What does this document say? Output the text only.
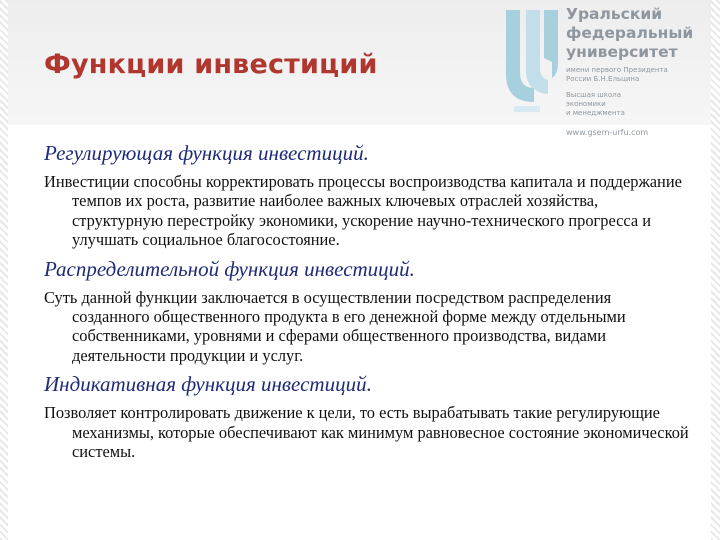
Функции инвестиций
Уральский
федеральный
университет
имени первого Президента
России Б.Н.Ельцина
Высшая школа
экономики
и менеджмента
www.gsem-urfu.com

Регулирующая функция инвестиций.

Инвестиции способны корректировать процессы воспроизводства капитала и поддержание темпов их роста, развитие наиболее важных ключевых отраслей хозяйства, структурную перестройку экономики, ускорение научно-технического прогресса и улучшать социальное благосостояние.

Распределительной функция инвестиций.

Суть данной функции заключается в осуществлении посредством распределения созданного общественного продукта в его денежной форме между отдельными собственниками, уровнями и сферами общественного производства, видами деятельности продукции и услуг.

Индикативная функция инвестиций.

Позволяет контролировать движение к цели, то есть вырабатывать такие регулирующие механизмы, которые обеспечивают как минимум равновесное состояние экономической системы.
